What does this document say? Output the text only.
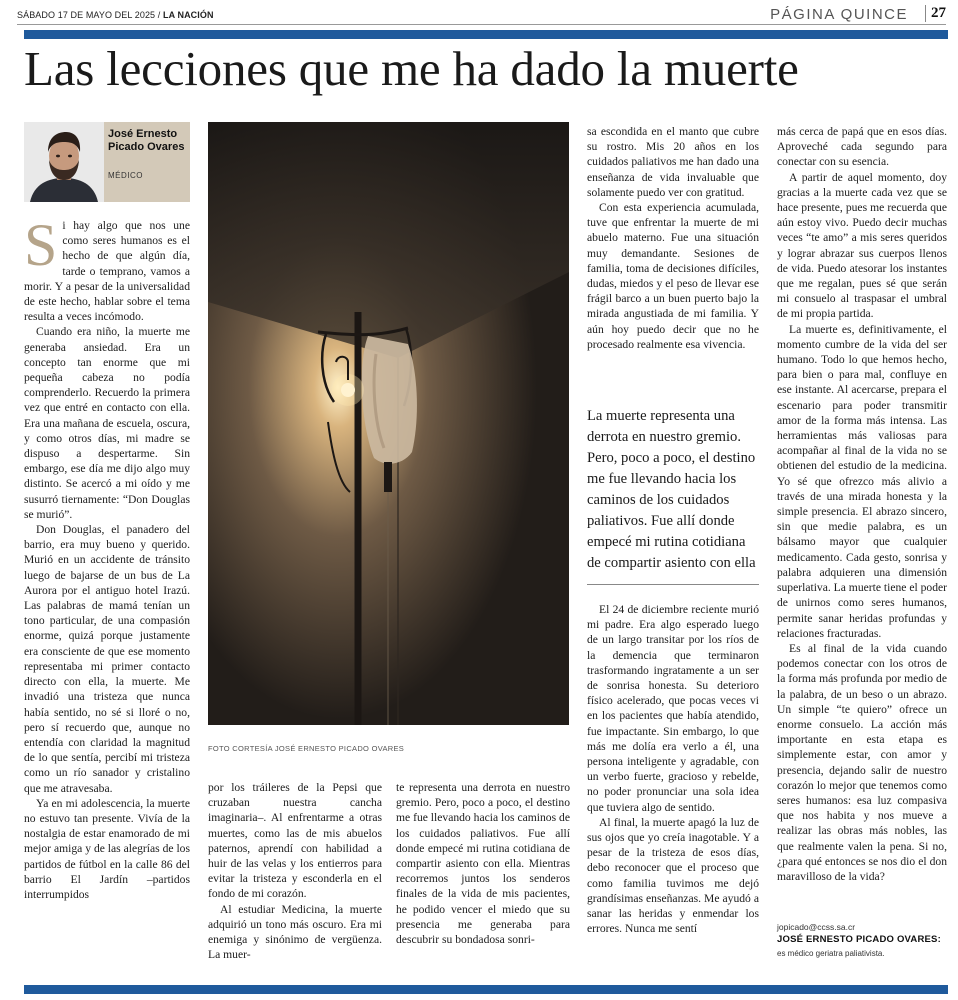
SÁBADO 17 DE MAYO DEL 2025 / LA NACIÓN	PÁGINA QUINCE	27
Las lecciones que me ha dado la muerte
José Ernesto Picado Ovares
MÉDICO

Si hay algo que nos une como seres humanos es el hecho de que algún día, tarde o temprano, vamos a morir. Y a pesar de la universalidad de este hecho, hablar sobre el tema resulta a veces incómodo.

Cuando era niño, la muerte me generaba ansiedad. Era un concepto tan enorme que mi pequeña cabeza no podía comprenderlo. Recuerdo la primera vez que entré en contacto con ella. Era una mañana de escuela, oscura, y como otros días, mi madre se dispuso a despertarme. Sin embargo, ese día me dijo algo muy distinto. Se acercó a mi oído y me susurró tiernamente: “Don Douglas se murió”.

Don Douglas, el panadero del barrio, era muy bueno y querido. Murió en un accidente de tránsito luego de bajarse de un bus de La Aurora por el antiguo hotel Irazú. Las palabras de mamá tenían un tono particular, de una compasión enorme, quizá porque justamente era consciente de que ese momento representaba mi primer contacto directo con ella, la muerte. Me invadió una tristeza que nunca había sentido, no sé si lloré o no, pero sí recuerdo que, aunque no entendía con claridad la magnitud de lo que sentía, percibí mi tristeza como un río sanador y cristalino que me atravesaba.

Ya en mi adolescencia, la muerte no estuvo tan presente. Vivía de la nostalgia de estar enamorado de mi mejor amiga y de las alegrías de los partidos de fútbol en la calle 86 del barrio El Jardín –partidos interrumpidos

FOTO CORTESÍA JOSÉ ERNESTO PICADO OVARES

por los tráileres de la Pepsi que cruzaban nuestra cancha imaginaria–. Al enfrentarme a otras muertes, como las de mis abuelos paternos, aprendí con habilidad a huir de las velas y los entierros para evitar la tristeza y esconderla en el fondo de mi corazón.

Al estudiar Medicina, la muerte adquirió un tono más oscuro. Era mi enemiga y sinónimo de vergüenza. La muer-

te representa una derrota en nuestro gremio. Pero, poco a poco, el destino me fue llevando hacia los caminos de los cuidados paliativos. Fue allí donde empecé mi rutina cotidiana de compartir asiento con ella. Mientras recorremos juntos los senderos finales de la vida de mis pacientes, he podido vencer el miedo que su presencia me generaba para descubrir su bondadosa sonri-

sa escondida en el manto que cubre su rostro. Mis 20 años en los cuidados paliativos me han dado una enseñanza de vida invaluable que solamente puedo ver con gratitud.

Con esta experiencia acumulada, tuve que enfrentar la muerte de mi abuelo materno. Fue una situación muy demandante. Sesiones de familia, toma de decisiones difíciles, dudas, miedos y el peso de llevar ese frágil barco a un buen puerto bajo la mirada angustiada de mi familia. Y aún hoy puedo decir que no he procesado realmente esa vivencia.

La muerte representa una derrota en nuestro gremio. Pero, poco a poco, el destino me fue llevando hacia los caminos de los cuidados paliativos. Fue allí donde empecé mi rutina cotidiana de compartir asiento con ella

El 24 de diciembre reciente murió mi padre. Era algo esperado luego de un largo transitar por los ríos de la demencia que terminaron trasformando ingratamente a un ser de sonrisa honesta. Su deterioro físico acelerado, que pocas veces vi en los pacientes que había atendido, fue impactante. Sin embargo, lo que más me dolía era verlo a él, una persona inteligente y agradable, con un verbo fuerte, gracioso y rebelde, no poder pronunciar una sola idea que tuviera algo de sentido.

Al final, la muerte apagó la luz de sus ojos que yo creía inagotable. Y a pesar de la tristeza de esos días, debo reconocer que el proceso que como familia tuvimos me dejó grandísimas enseñanzas. Me ayudó a sanar las heridas y enmendar los errores. Nunca me sentí

más cerca de papá que en esos días. Aproveché cada segundo para conectar con su esencia.

A partir de aquel momento, doy gracias a la muerte cada vez que se hace presente, pues me recuerda que aún estoy vivo. Puedo decir muchas veces “te amo” a mis seres queridos y lograr abrazar sus cuerpos llenos de vida. Puedo atesorar los instantes que me regalan, pues sé que serán mi consuelo al traspasar el umbral de mi propia partida.

La muerte es, definitivamente, el momento cumbre de la vida del ser humano. Todo lo que hemos hecho, para bien o para mal, confluye en ese instante. Al acercarse, prepara el escenario para poder transmitir amor de la forma más intensa. Las herramientas más valiosas para acompañar al final de la vida no se obtienen del estudio de la medicina. Yo sé que ofrezco más alivio a través de una mirada honesta y la simple presencia. El abrazo sincero, sin que medie palabra, es un bálsamo mayor que cualquier medicamento. Cada gesto, sonrisa y palabra adquieren una dimensión superlativa. La muerte tiene el poder de unirnos como seres humanos, permite sanar heridas profundas y relaciones fracturadas.

Es al final de la vida cuando podemos conectar con los otros de la forma más profunda por medio de la palabra, de un beso o un abrazo. Un simple “te quiero” ofrece un enorme consuelo. La acción más importante en esta etapa es simplemente estar, con amor y presencia, dejando salir de nuestro corazón lo mejor que tenemos como seres humanos: esa luz compasiva que nos habita y nos mueve a realizar las obras más nobles, las que realmente valen la pena. Si no, ¿para qué entonces se nos dio el don maravilloso de la vida?

jopicado@ccss.sa.cr
JOSÉ ERNESTO PICADO OVARES:
es médico geriatra paliativista.
